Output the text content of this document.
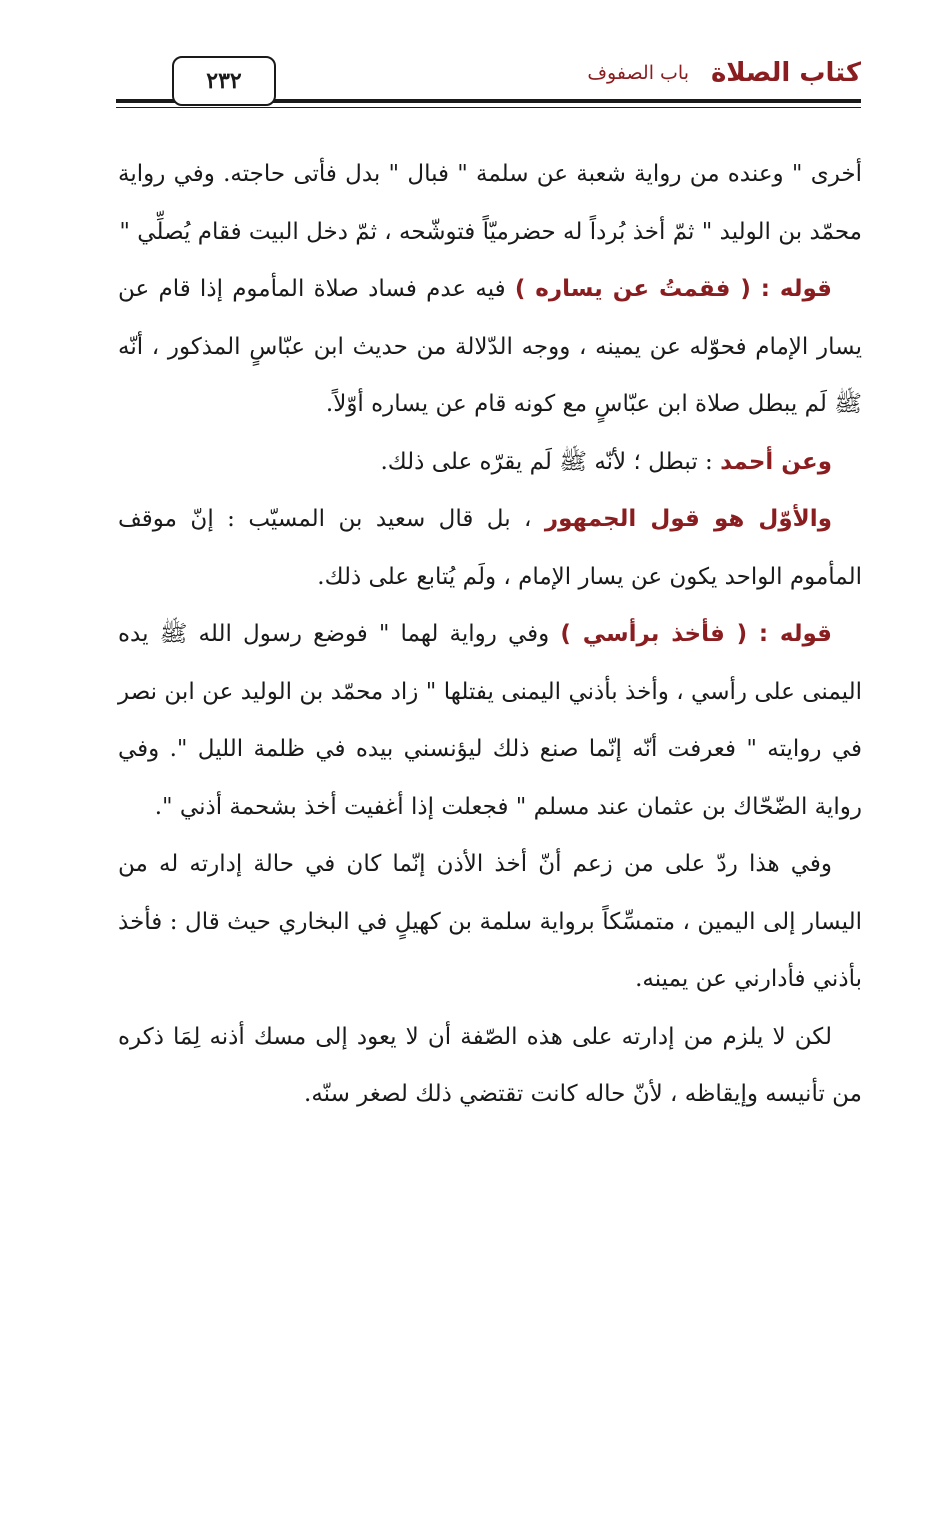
كتاب الصلاة
باب الصفوف
٢٣٢

أخرى " وعنده من رواية شعبة عن سلمة " فبال " بدل فأتى حاجته. وفي رواية محمّد بن الوليد " ثمّ أخذ بُرداً له حضرميّاً فتوشّحه ، ثمّ دخل البيت فقام يُصلِّي "

قوله : ( فقمتُ عن يساره ) فيه عدم فساد صلاة المأموم إذا قام عن يسار الإمام فحوّله عن يمينه ، ووجه الدّلالة من حديث ابن عبّاسٍ المذكور ، أنّه ﷺ لَم يبطل صلاة ابن عبّاسٍ مع كونه قام عن يساره أوّلاً.

وعن أحمد : تبطل ؛ لأنّه ﷺ لَم يقرّه على ذلك.

والأوّل هو قول الجمهور ، بل قال سعيد بن المسيّب : إنّ موقف المأموم الواحد يكون عن يسار الإمام ، ولَم يُتابع على ذلك.

قوله : ( فأخذ برأسي ) وفي رواية لهما " فوضع رسول الله ﷺ يده اليمنى على رأسي ، وأخذ بأذني اليمنى يفتلها " زاد محمّد بن الوليد عن ابن نصر في روايته " فعرفت أنّه إنّما صنع ذلك ليؤنسني بيده في ظلمة الليل ". وفي رواية الضّحّاك بن عثمان عند مسلم " فجعلت إذا أغفيت أخذ بشحمة أذني ".

وفي هذا ردّ على من زعم أنّ أخذ الأذن إنّما كان في حالة إدارته له من اليسار إلى اليمين ، متمسِّكاً برواية سلمة بن كهيلٍ في البخاري حيث قال : فأخذ بأذني فأدارني عن يمينه.

لكن لا يلزم من إدارته على هذه الصّفة أن لا يعود إلى مسك أذنه لِمَا ذكره من تأنيسه وإيقاظه ، لأنّ حاله كانت تقتضي ذلك لصغر سنّه.
